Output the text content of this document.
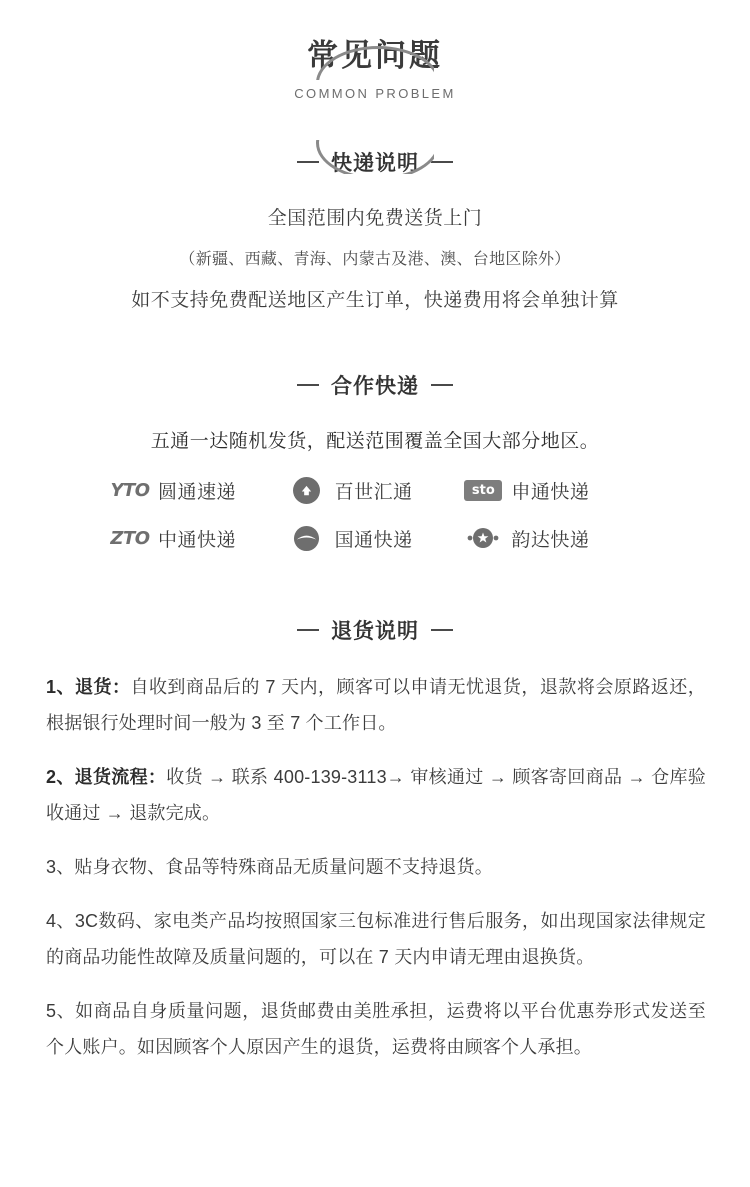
常见问题
COMMON PROBLEM
快递说明
全国范围内免费送货上门
（新疆、西藏、青海、内蒙古及港、澳、台地区除外）
如不支持免费配送地区产生订单，快递费用将会单独计算
合作快递
五通一达随机发货，配送范围覆盖全国大部分地区。
YTO 圆通速递	百世汇通	sto 申通快递
ZTO 中通快递	国通快递	韵达快递
退货说明

1、退货：自收到商品后的 7 天内，顾客可以申请无忧退货，退款将会原路返还，根据银行处理时间一般为 3 至 7 个工作日。

2、退货流程：收货 → 联系 400-139-3113→ 审核通过 → 顾客寄回商品 → 仓库验收通过 → 退款完成。

3、贴身衣物、食品等特殊商品无质量问题不支持退货。

4、3C数码、家电类产品均按照国家三包标准进行售后服务，如出现国家法律规定的商品功能性故障及质量问题的，可以在 7 天内申请无理由退换货。

5、如商品自身质量问题，退货邮费由美胜承担，运费将以平台优惠券形式发送至个人账户。如因顾客个人原因产生的退货，运费将由顾客个人承担。
